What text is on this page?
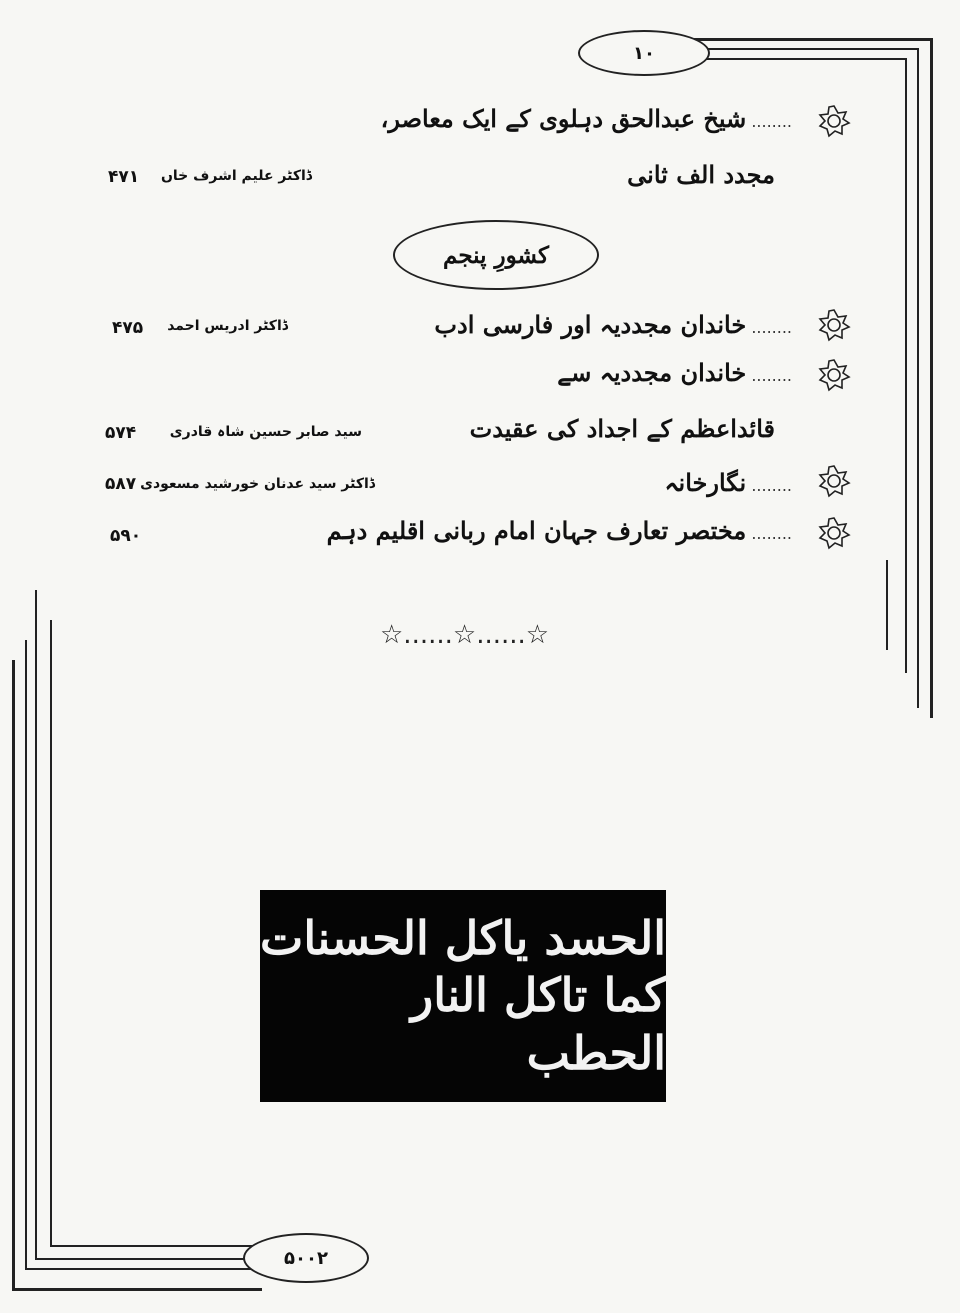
۱۰
........ شیخ عبدالحق دہلوی کے ایک معاصر،
مجدد الف ثانی
ڈاکٹر علیم اشرف خاں
۴۷۱
کشورِ پنجم
........ خاندان مجددیہ اور فارسی ادب
ڈاکٹر ادریس احمد
۴۷۵
........ خاندان مجددیہ سے
قائداعظم کے اجداد کی عقیدت
سید صابر حسین شاہ قادری
۵۷۴
........ نگارخانہ
ڈاکٹر سید عدنان خورشید مسعودی
۵۸۷
........ مختصر تعارف جہان امام ربانی اقلیم دہم
۵۹۰
☆......☆......☆
الحسد یاکل الحسنات
کما تاکل النار الحطب
۵۰۰۲
